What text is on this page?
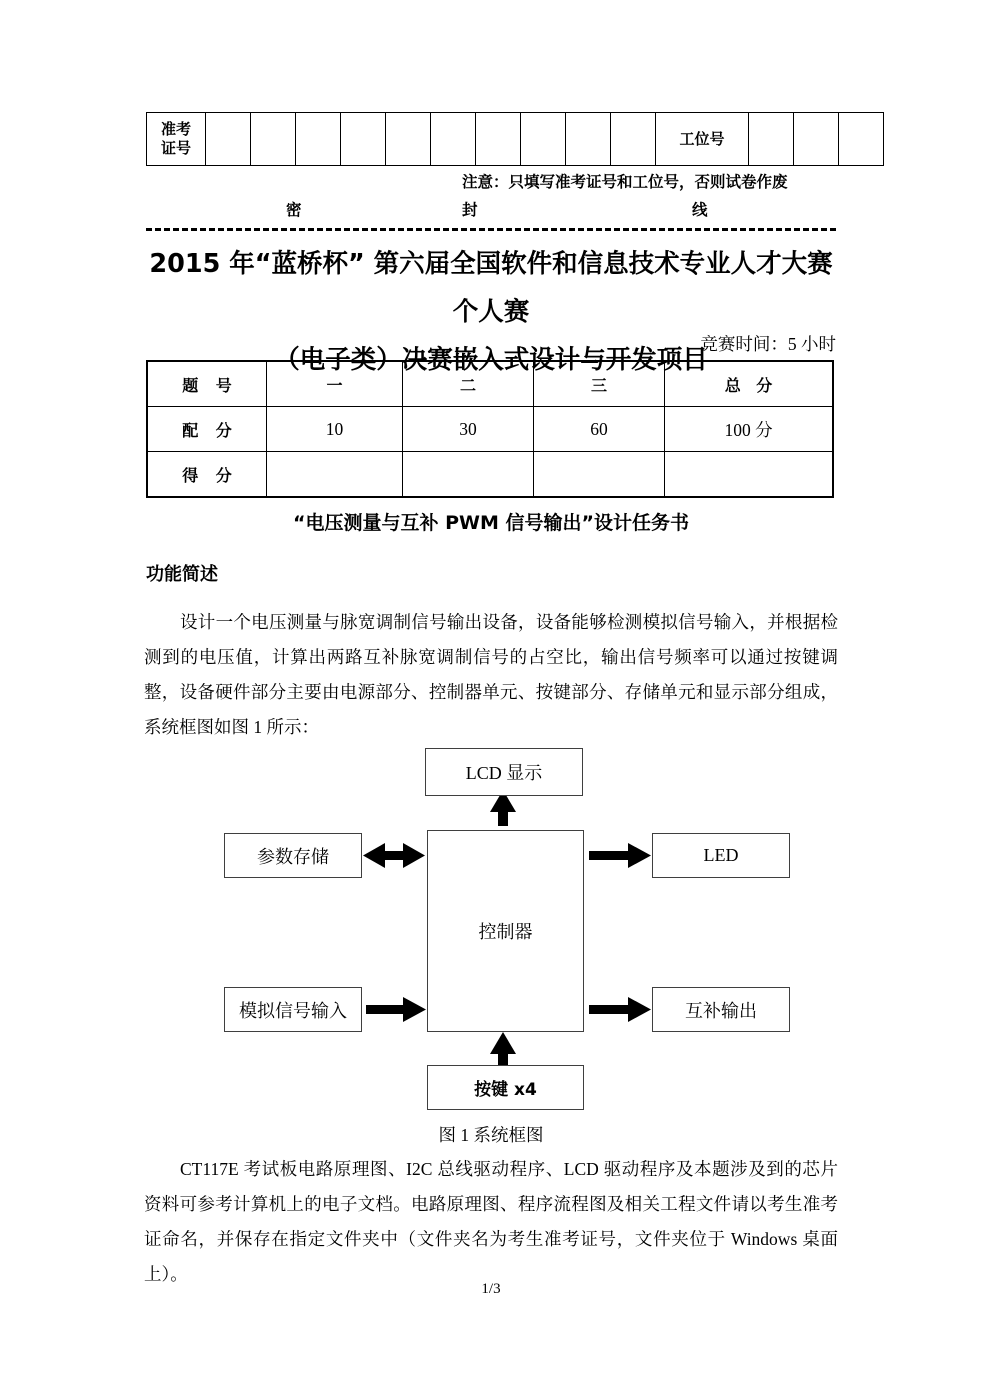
准考
证号
											工位号			
注意：只填写准考证号和工位号，否则试卷作废
密	封	线
2015 年“蓝桥杯” 第六届全国软件和信息技术专业人才大赛个人赛
（电子类）决赛嵌入式设计与开发项目
竞赛时间：5 小时
题 号	一	二	三	总 分
配 分	10	30	60	100 分
得 分				
“电压测量与互补 PWM 信号输出”设计任务书
功能简述
设计一个电压测量与脉宽调制信号输出设备，设备能够检测模拟信号输入，并根据检测到的电压值，计算出两路互补脉宽调制信号的占空比，输出信号频率可以通过按键调整，设备硬件部分主要由电源部分、控制器单元、按键部分、存储单元和显示部分组成，系统框图如图 1 所示：
LCD 显示
参数存储
控制器
LED
模拟信号输入	互补输出
按键 x4
图 1 系统框图
CT117E 考试板电路原理图、I2C 总线驱动程序、LCD 驱动程序及本题涉及到的芯片资料可参考计算机上的电子文档。电路原理图、程序流程图及相关工程文件请以考生准考证命名，并保存在指定文件夹中（文件夹名为考生准考证号，文件夹位于 Windows 桌面上）。
1/3
